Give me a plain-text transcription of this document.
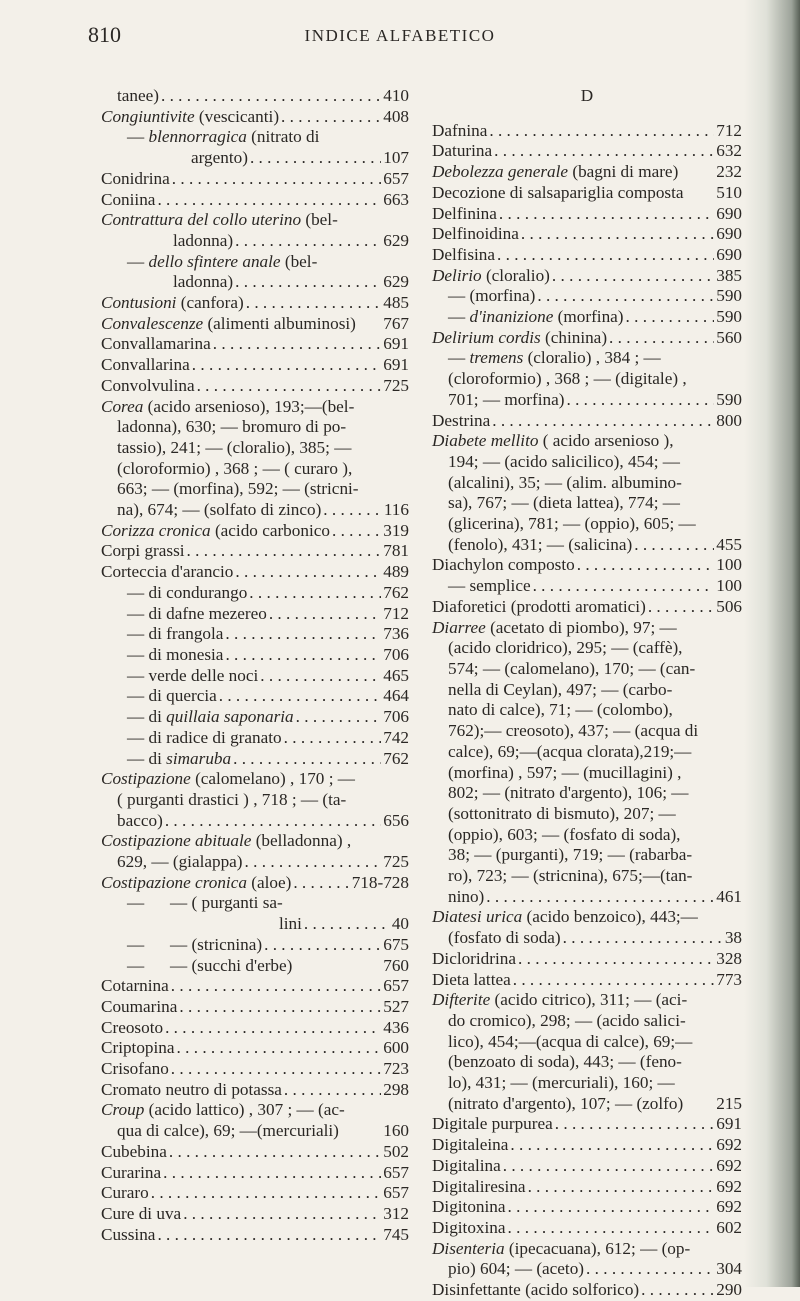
810	INDICE ALFABETICO
tanee) . . .	410
Congiuntivite (vescicanti) . . .	408
— blennorragica (nitrato di
argento) . . .	107
Conidrina . . .	657
Coniina . . .	663
Contrattura del collo uterino (bel-
ladonna) . . .	629
— dello sfintere anale (bel-
ladonna) . . .	629
Contusioni (canfora) . . .	485
Convalescenze (alimenti albuminosi) 767
Convallamarina . . .	691
Convallarina . . .	691
Convolvulina . . .	725
Corea (acido arsenioso), 193;—(bel-
ladonna), 630; — bromuro di po-
tassio), 241; — (cloralio), 385; —
(cloroformio) , 368 ; — ( curaro ),
663; — (morfina), 592; — (stricni-
na), 674; — (solfato di zinco) . . .	116
Corizza cronica (acido carbonico . . .	319
Corpi grassi . . .	781
Corteccia d'arancio . . .	489
— di condurango . . .	762
— di dafne mezereo . . .	712
— di frangola . . .	736
— di monesia . . .	706
— verde delle noci . . .	465
— di quercia . . .	464
— di quillaia saponaria . . .	706
— di radice di granato . . .	742
— di simaruba . . .	762
Costipazione (calomelano) , 170 ; —
( purganti drastici ) , 718 ; — (ta-
bacco) . . .	656
Costipazione abituale (belladonna) ,
629, — (gialappa) . . .	725
Costipazione cronica (aloe) . . .	718-728
—      — ( purganti sa-
lini . . .	40
—      — (stricnina) . . .	675
—      — (succhi d'erbe)	760
Cotarnina . . .	657
Coumarina . . .	527
Creosoto . . .	436
Criptopina . . .	600
Crisofano . . .	723
Cromato neutro di potassa . . .	298
Croup (acido lattico) , 307 ; — (ac-
qua di calce), 69; —(mercuriali)	160
Cubebina . . .	502
Curarina . . .	657
Curaro . . .	657
Cure di uva . . .	312
Cussina . . .	745
D
Dafnina . . .	712
Daturina . . .	632
Debolezza generale (bagni di mare) 232
Decozione di salsapariglia composta 510
Delfinina . . .	690
Delfinoidina . . .	690
Delfisina . . .	690
Delirio (cloralio) . . .	385
— (morfina) . . .	590
— d'inanizione (morfina) . . .	590
Delirium cordis (chinina) . . .	560
— tremens (cloralio) , 384 ; —
(cloroformio) , 368 ; — (digitale) ,
701; — morfina) . . .	590
Destrina . . .	800
Diabete mellito ( acido arsenioso ),
194; — (acido salicilico), 454; —
(alcalini), 35; — (alim. albumino-
sa), 767; — (dieta lattea), 774; —
(glicerina), 781; — (oppio), 605; —
(fenolo), 431; — (salicina) . . .	455
Diachylon composto . . .	100
— semplice . . .	100
Diaforetici (prodotti aromatici) . . .	506
Diarree (acetato di piombo), 97; —
(acido cloridrico), 295; — (caffè),
574; — (calomelano), 170; — (can-
nella di Ceylan), 497; — (carbo-
nato di calce), 71; — (colombo),
762);— creosoto), 437; — (acqua di
calce), 69;—(acqua clorata),219;—
(morfina) , 597; — (mucillagini) ,
802; — (nitrato d'argento), 106; —
(sottonitrato di bismuto), 207; —
(oppio), 603; — (fosfato di soda),
38; — (purganti), 719; — (rabarba-
ro), 723; — (stricnina), 675;—(tan-
nino) . . .	461
Diatesi urica (acido benzoico), 443;—
(fosfato di soda) . . .	38
Dicloridrina . . .	328
Dieta lattea . . .	773
Difterite (acido citrico), 311; — (aci-
do cromico), 298; — (acido salici-
lico), 454;—(acqua di calce), 69;—
(benzoato di soda), 443; — (feno-
lo), 431; — (mercuriali), 160; —
(nitrato d'argento), 107; — (zolfo) 215
Digitale purpurea . . .	691
Digitaleina . . .	692
Digitalina . . .	692
Digitaliresina . . .	692
Digitonina . . .	692
Digitoxina . . .	602
Disenteria (ipecacuana), 612; — (op-
pio) 604; — (aceto) . . .	304
Disinfettante (acido solforico) . . .	290
